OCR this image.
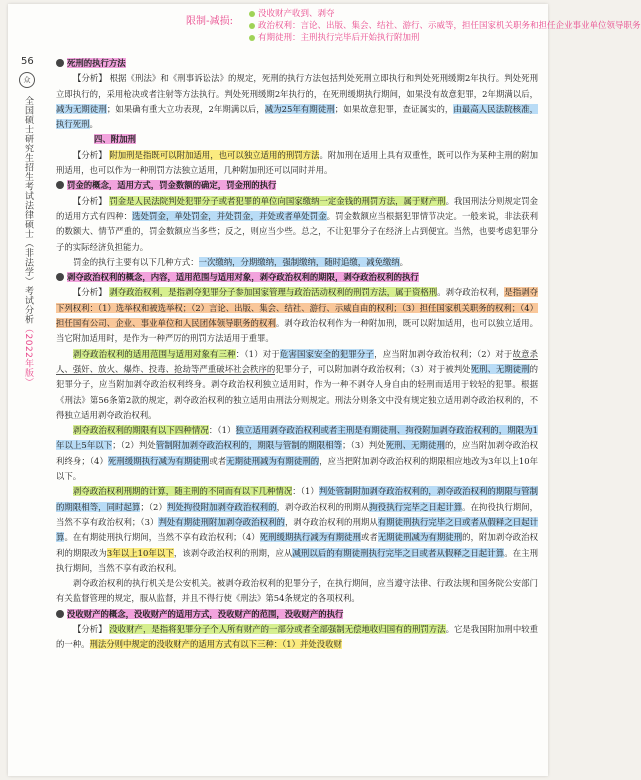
限制-减损:
没收财产收到、剥夺
政治权利：言论、出版、集会、结社、游行、示威等，担任国家机关职务和担任企业事业单位领导职务
有期徒刑：主刑执行完毕后开始执行附加刑
56
众
全国硕士研究生招生考试法律硕士（非法学）考试分析（2022年版）

死刑的执行方法

【分析】 根据《刑法》和《刑事诉讼法》的规定，死刑的执行方法包括判处死刑立即执行和判处死刑缓期2年执行。判处死刑立即执行的，采用枪决或者注射等方法执行。判处死刑缓期2年执行的，在死刑缓期执行期间，如果没有故意犯罪，2年期满以后，减为无期徒刑；如果确有重大立功表现，2年期满以后，减为25年有期徒刑；如果故意犯罪，查证属实的，由最高人民法院核准，执行死刑。

四、附加刑

【分析】 附加刑是指既可以附加适用，也可以独立适用的刑罚方法。附加刑在适用上具有双重性，既可以作为某种主刑的附加刑适用，也可以作为一种刑罚方法独立适用，几种附加刑还可以同时并用。

罚金的概念，适用方式，罚金数额的确定，罚金刑的执行

【分析】 罚金是人民法院判处犯罪分子或者犯罪的单位向国家缴纳一定金钱的刑罚方法，属于财产刑。我国刑法分则规定罚金的适用方式有四种：选处罚金，单处罚金，并处罚金，并处或者单处罚金。罚金数额应当根据犯罪情节决定。一般来说，非法获利的数额大、情节严重的，罚金数额应当多些；反之，则应当少些。总之，不让犯罪分子在经济上占到便宜。当然，也要考虑犯罪分子的实际经济负担能力。

罚金的执行主要有以下几种方式：一次缴纳，分期缴纳，强制缴纳，随时追缴，减免缴纳。

剥夺政治权利的概念，内容，适用范围与适用对象，剥夺政治权利的期限，剥夺政治权利的执行

【分析】 剥夺政治权利，是指剥夺犯罪分子参加国家管理与政治活动权利的刑罚方法，属于资格刑。剥夺政治权利，是指剥夺下列权利：（1）选举权和被选举权；（2）言论、出版、集会、结社、游行、示威自由的权利；（3）担任国家机关职务的权利；（4）担任国有公司、企业、事业单位和人民团体领导职务的权利。剥夺政治权利作为一种附加刑，既可以附加适用，也可以独立适用。当它附加适用时，是作为一种严厉的刑罚方法适用于重罪。

剥夺政治权利的适用范围与适用对象有三种：（1）对于危害国家安全的犯罪分子，应当附加剥夺政治权利；（2）对于故意杀人、强奸、放火、爆炸、投毒、抢劫等严重破坏社会秩序的犯罪分子，可以附加剥夺政治权利；（3）对于被判处死刑、无期徒刑的犯罪分子，应当附加剥夺政治权利终身。剥夺政治权利独立适用时，作为一种不剥夺人身自由的轻刑而适用于较轻的犯罪。根据《刑法》第56条第2款的规定，剥夺政治权利的独立适用由刑法分则规定。刑法分则条文中没有规定独立适用剥夺政治权利的，不得独立适用剥夺政治权利。

剥夺政治权利的期限有以下四种情况：（1）独立适用剥夺政治权利或者主刑是有期徒刑、拘役附加剥夺政治权利的，期限为1年以上5年以下；（2）判处管制附加剥夺政治权利的，期限与管制的期限相等；（3）判处死刑、无期徒刑的，应当附加剥夺政治权利终身；（4）死刑缓期执行减为有期徒刑或者无期徒刑减为有期徒刑的，应当把附加剥夺政治权利的期限相应地改为3年以上10年以下。

剥夺政治权利刑期的计算，随主刑的不同而有以下几种情况：（1）判处管制附加剥夺政治权利的，剥夺政治权利的期限与管制的期限相等，同时起算；（2）判处拘役附加剥夺政治权利的，剥夺政治权利的刑期从拘役执行完毕之日起计算。在拘役执行期间，当然不享有政治权利；（3）判处有期徒刑附加剥夺政治权利的，剥夺政治权利的刑期从有期徒刑执行完毕之日或者从假释之日起计算。在有期徒刑执行期间，当然不享有政治权利；（4）死刑缓期执行减为有期徒刑或者无期徒刑减为有期徒刑的，附加剥夺政治权利的期限改为3年以上10年以下，该剥夺政治权利的刑期，应从减刑以后的有期徒刑执行完毕之日或者从假释之日起计算。在主刑执行期间，当然不享有政治权利。

剥夺政治权利的执行机关是公安机关。被剥夺政治权利的犯罪分子，在执行期间，应当遵守法律、行政法规和国务院公安部门有关监督管理的规定，服从监督，并且不得行使《刑法》第54条规定的各项权利。

没收财产的概念，没收财产的适用方式，没收财产的范围，没收财产的执行

【分析】 没收财产，是指将犯罪分子个人所有财产的一部分或者全部强制无偿地收归国有的刑罚方法。它是我国附加刑中较重的一种。刑法分则中规定的没收财产的适用方式有以下三种：（1）并处没收财
